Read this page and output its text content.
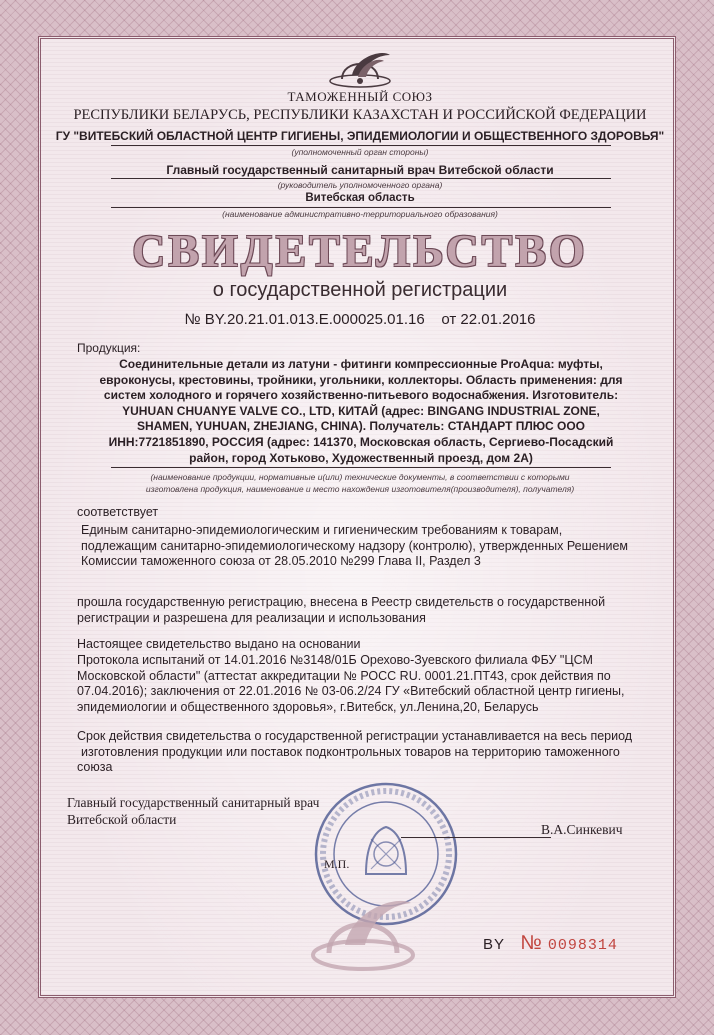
ТАМОЖЕННЫЙ СОЮЗ
РЕСПУБЛИКИ БЕЛАРУСЬ, РЕСПУБЛИКИ КАЗАХСТАН И РОССИЙСКОЙ ФЕДЕРАЦИИ
ГУ "ВИТЕБСКИЙ ОБЛАСТНОЙ ЦЕНТР ГИГИЕНЫ, ЭПИДЕМИОЛОГИИ И ОБЩЕСТВЕННОГО ЗДОРОВЬЯ"
(уполномоченный орган стороны)
Главный государственный санитарный врач Витебской области
(руководитель уполномоченного органа)
Витебская область
(наименование административно-территориального образования)
СВИДЕТЕЛЬСТВО
о государственной регистрации
№ BY.20.21.01.013.E.000025.01.16 от 22.01.2016
Продукция:
Соединительные детали из латуни - фитинги компрессионные ProAqua: муфты,
евроконусы, крестовины, тройники, угольники, коллекторы. Область применения: для
систем холодного и горячего хозяйственно-питьевого водоснабжения. Изготовитель:
YUHUAN CHUANYE VALVE CO., LTD, КИТАЙ (адрес: BINGANG INDUSTRIAL ZONE,
SHAMEN, YUHUAN, ZHEJIANG, CHINA). Получатель: СТАНДАРТ ПЛЮС ООО
ИНН:7721851890, РОССИЯ (адрес: 141370, Московская область, Сергиево-Посадский
район, город Хотьково, Художественный проезд, дом 2А)
(наименование продукции, нормативные и(или) технические документы, в соответствии с которыми
изготовлена продукция, наименование и место нахождения изготовителя(производителя), получателя)
соответствует
Единым санитарно-эпидемиологическим и гигиеническим требованиям к товарам,
подлежащим санитарно-эпидемиологическому надзору (контролю), утвержденных Решением
Комиссии таможенного союза от 28.05.2010 №299 Глава II, Раздел 3
прошла государственную регистрацию, внесена в Реестр свидетельств о государственной
регистрации и разрешена для реализации и использования
Настоящее свидетельство выдано на основании
Протокола испытаний от 14.01.2016 №3148/01Б Орехово-Зуевского филиала ФБУ "ЦСМ
Московской области" (аттестат аккредитации № РОСС RU. 0001.21.ПТ43, срок действия по
07.04.2016); заключения от 22.01.2016 № 03-06.2/24 ГУ «Витебский областной центр гигиены,
эпидемиологии и общественного здоровья», г.Витебск, ул.Ленина,20, Беларусь
Срок действия свидетельства о государственной регистрации устанавливается на весь период
изготовления продукции или поставок подконтрольных товаров на территорию таможенного
союза
Главный государственный санитарный врач
Витебской области
В.А.Синкевич
М.П.
BY № 0098314
